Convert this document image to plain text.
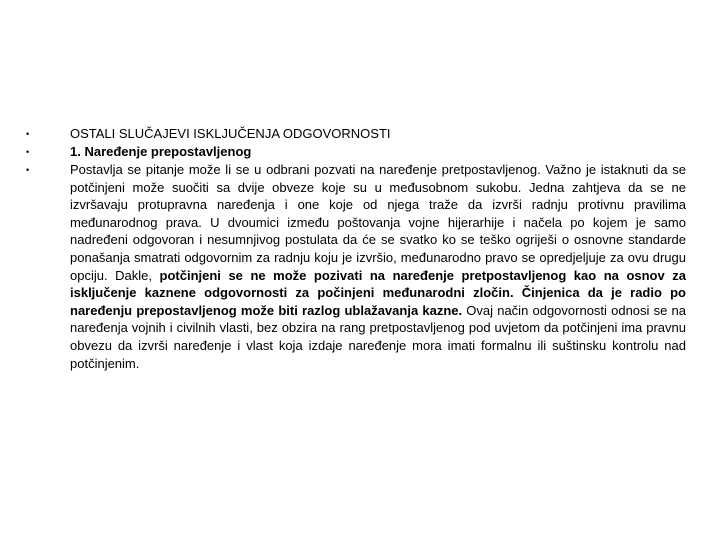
•	OSTALI SLUČAJEVI ISKLJUČENJA ODGOVORNOSTI
•	1. Naređenje prepostavljenog
•	Postavlja se pitanje može li se u odbrani pozvati na naređenje pretpostavljenog. Važno je istaknuti da se potčinjeni može suočiti sa dvije obveze koje su u međusobnom sukobu. Jedna zahtjeva da se ne izvršavaju protupravna naređenja i one koje od njega traže da izvrši radnju protivnu pravilima međunarodnog prava. U dvoumici između poštovanja vojne hijerarhije i načela po kojem je samo nadređeni odgovoran i nesumnjivog postulata da će se svatko ko se teško ogriješi o osnovne standarde ponašanja smatrati odgovornim za radnju koju je izvršio, međunarodno pravo se opredjeljuje za ovu drugu opciju. Dakle, potčinjeni se ne može pozivati na naređenje pretpostavljenog kao na osnov za isključenje kaznene odgovornosti za počinjeni međunarodni zločin. Činjenica da je radio po naređenju prepostavljenog može biti razlog ublažavanja kazne. Ovaj način odgovornosti odnosi se na naređenja vojnih i civilnih vlasti, bez obzira na rang pretpostavljenog pod uvjetom da potčinjeni ima pravnu obvezu da izvrši naređenje i vlast koja izdaje naređenje mora imati formalnu ili suštinsku kontrolu nad potčinjenim.
